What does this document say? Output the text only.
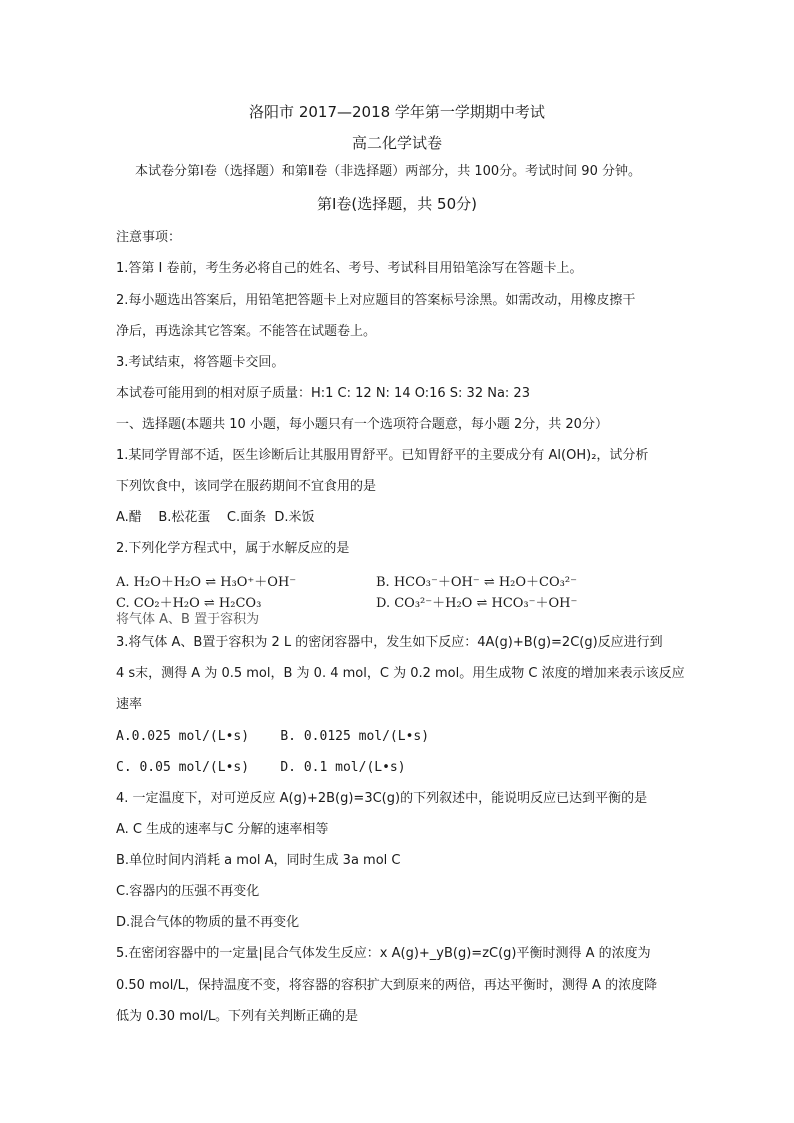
洛阳市 2017—2018 学年第一学期期中考试
高二化学试卷
本试卷分第Ⅰ卷（选择题）和第Ⅱ卷（非选择题）两部分，共 100分。考试时间 90 分钟。
第Ⅰ卷(选择题，共 50分)
注意事项：
1.答第 I 卷前，考生务必将自己的姓名、考号、考试科目用铅笔涂写在答题卡上。
2.每小题选出答案后，用铅笔把答题卡上对应题目的答案标号涂黑。如需改动，用橡皮擦干
净后，再选涂其它答案。不能答在试题卷上。
3.考试结束，将答题卡交回。
本试卷可能用到的相对原子质量：H:1 C: 12 N: 14 O:16 S: 32 Na: 23
一、选择题(本题共 10 小题，每小题只有一个选项符合题意，每小题 2分，共 20分）
1.某同学胃部不适，医生诊断后让其服用胃舒平。已知胃舒平的主要成分有 Al(OH)₂，试分析
下列饮食中，该同学在服药期间不宜食用的是
A.醋    B.松花蛋    C.面条  D.米饭
2.下列化学方程式中，属于水解反应的是
A. H₂O＋H₂O ⇌ H₃O⁺＋OH⁻	B. HCO₃⁻＋OH⁻ ⇌ H₂O＋CO₃²⁻
C. CO₂＋H₂O ⇌ H₂CO₃	D. CO₃²⁻＋H₂O ⇌ HCO₃⁻＋OH⁻
将气体 A、B 置于容积为
3.将气体 A、B置于容积为 2 L 的密闭容器中，发生如下反应：4A(g)+B(g)=2C(g)反应进行到
4 s末，测得 A 为 0.5 mol，B 为 0. 4 mol，C 为 0.2 mol。用生成物 C 浓度的增加来表示该反应
速率
A.0.025 mol/(L•s)    B. 0.0125 mol/(L•s)
C. 0.05 mol/(L•s)    D. 0.1 mol/(L•s)
4. 一定温度下，对可逆反应 A(g)+2B(g)=3C(g)的下列叙述中，能说明反应已达到平衡的是
A. C 生成的速率与C 分解的速率相等
B.单位时间内消耗 a mol A，同时生成 3a mol C
C.容器内的压强不再变化
D.混合气体的物质的量不再变化
5.在密闭容器中的一定量|昆合气体发生反应：x A(g)+_yB(g)=zC(g)平衡时测得 A 的浓度为
0.50 mol/L，保持温度不变，将容器的容积扩大到原来的两倍，再达平衡时，测得 A 的浓度降
低为 0.30 mol/L。下列有关判断正确的是
